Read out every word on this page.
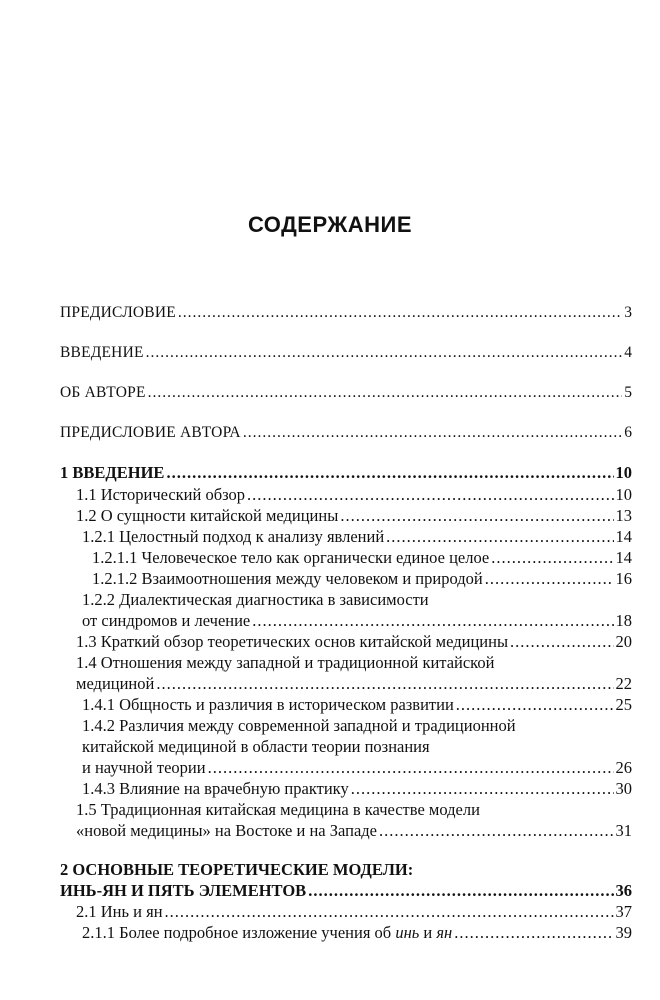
СОДЕРЖАНИЕ
ПРЕДИСЛОВИЕ .....	3
ВВЕДЕНИЕ .....	4
ОБ АВТОРЕ .....	5
ПРЕДИСЛОВИЕ АВТОРА .....	6
1 ВВЕДЕНИЕ .....	10
1.1 Исторический обзор .....	10
1.2 О сущности китайской медицины .....	13
1.2.1 Целостный подход к анализу явлений .....	14
1.2.1.1 Человеческое тело как органически единое целое .....	14
1.2.1.2 Взаимоотношения между человеком и природой .....	16
1.2.2 Диалектическая диагностика в зависимости
от синдромов и лечение .....	18
1.3 Краткий обзор теоретических основ китайской медицины .....	20
1.4 Отношения между западной и традиционной китайской
медициной .....	22
1.4.1 Общность и различия в историческом развитии .....	25
1.4.2 Различия между современной западной и традиционной
китайской медициной в области теории познания
и научной теории .....	26
1.4.3 Влияние на врачебную практику .....	30
1.5 Традиционная китайская медицина в качестве модели
«новой медицины» на Востоке и на Западе .....	31
2 ОСНОВНЫЕ ТЕОРЕТИЧЕСКИЕ МОДЕЛИ:
ИНЬ-ЯН И ПЯТЬ ЭЛЕМЕНТОВ .....	36
2.1 Инь и ян .....	37
2.1.1 Более подробное изложение учения об инь и ян .....	39
